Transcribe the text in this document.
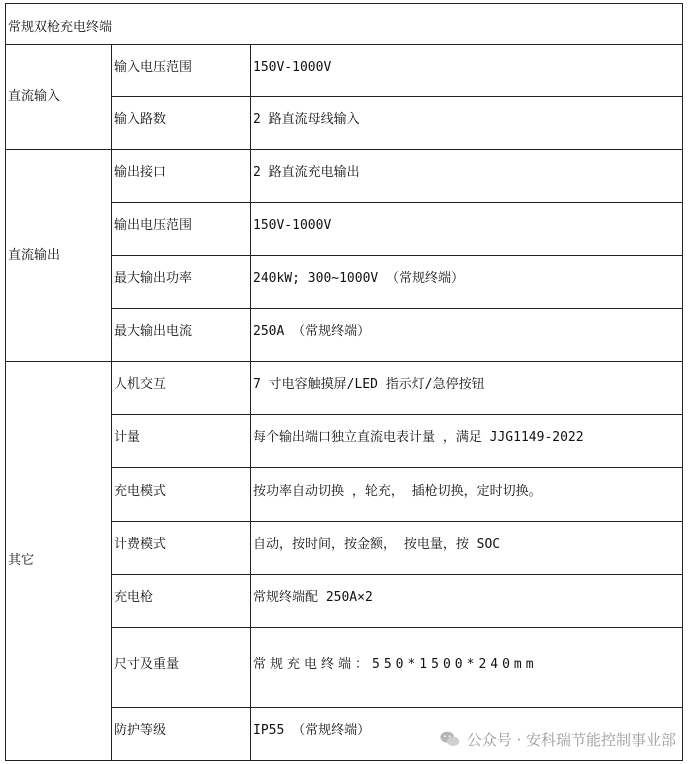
常规双枪充电终端		
直流输入	输入电压范围	150V-1000V
	输入路数	2 路直流母线输入
直流输出	输出接口	2 路直流充电输出
	输出电压范围	150V-1000V
	最大输出功率	240kW; 300~1000V （常规终端）
	最大输出电流	250A （常规终端）
其它	人机交互	7 寸电容触摸屏/LED 指示灯/急停按钮
	计量	每个输出端口独立直流电表计量 ，满足 JJG1149-2022
	充电模式	按功率自动切换 ，轮充， 插枪切换，定时切换。
	计费模式	自动，按时间，按金额， 按电量，按 SOC
	充电枪	常规终端配 250A×2
	尺寸及重量	常规充电终端：550*1500*240mm
	防护等级	IP55 （常规终端）	公众号 · 安科瑞节能控制事业部
